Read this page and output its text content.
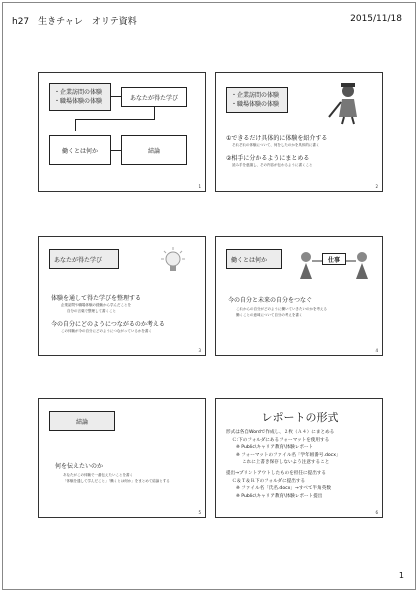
h27　生きチャレ　オリテ資料	2015/11/18
・企業訪問の体験
・職場体験の体験	あなたが得た学び
働くとは何か	結論
1
・企業訪問の体験
・職場体験の体験
①できるだけ具体的に体験を紹介する
それぞれの体験について、何をしたのかを具体的に書く
②相手に分かるようにまとめる
読み手を意識し、その内容が伝わるように書くこと
2
あなたが得た学び
体験を通して得た学びを整理する
企業訪問や職場体験の経験から学んだことを
自分の言葉で整理して書くこと
今の自分にどのようにつながるのか考える
この体験が今の自分にどのようにつながっているかを書く
3
働くとは何か	仕事
今の自分と未来の自分をつなぐ
これからの自分がどのように働いていきたいのかを考える
働くことの意味について自分の考えを書く
4
結論
何を伝えたいのか
あなたがこの体験で一番伝えたいことを書く
「体験を通して学んだこと」「働くとは何か」をまとめて結論とする
5
レポートの形式
形式は各自Wordで作成し、２枚（Ａ４）にまとめる
Ｃ:下のフォルダにあるフォーマットを使用する
※ Public\キャリア教育\体験レポート
※ フォーマットのファイル名「学年組番号.docx」
これに上書き保存しないよう注意すること
提出→プリントアウトしたものを担任に提出する
Ｃ＆Ｔ＆Ｒ下のフォルダに提出する
※ ファイル名「氏名.docx」→すべて半角英数
※ Public\キャリア教育\体験レポート提出
6
1
